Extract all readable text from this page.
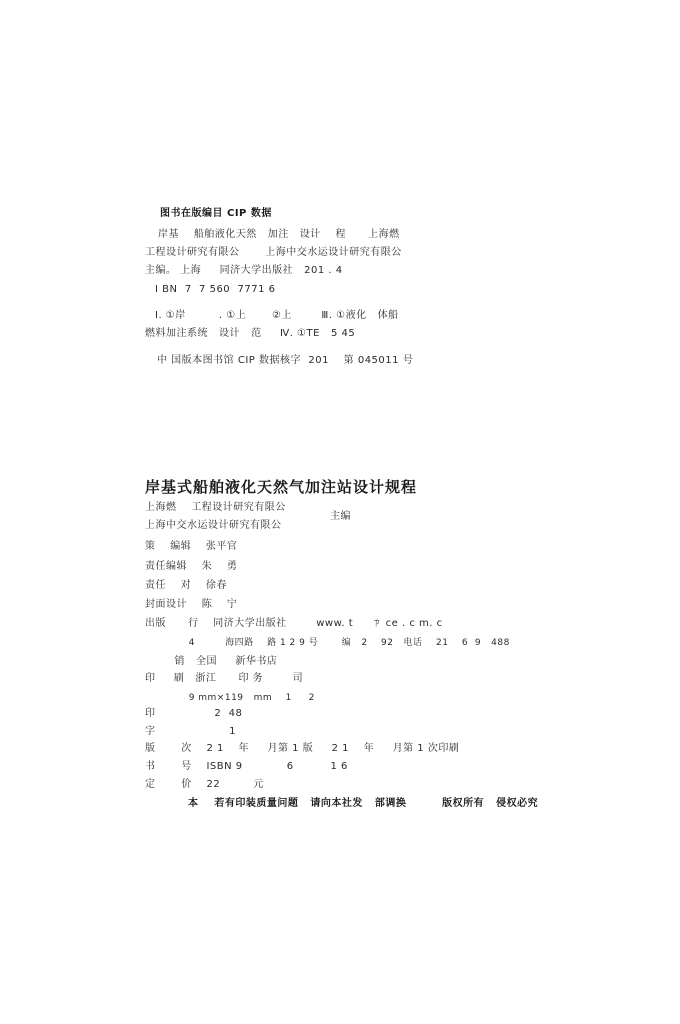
图书在版编目 CIP 数据
岸基    船舶液化天然   加注   设计    程      上海燃
工程设计研究有限公       上海中交水运设计研究有限公
主编。 上海     同济大学出版社   201 . 4
I BN  7  7 560  7771 6
Ⅰ. ①岸         . ①上       ②上        Ⅲ. ①液化   体船
燃料加注系统   设计   范     Ⅳ. ①TE   5 45
中 国版本图书馆 CIP 数据核字  201    第 045011 号
岸基式船舶液化天然气加注站设计规程
上海燃    工程设计研究有限公
上海中交水运设计研究有限公
主编
策    编辑    张平官
责任编辑    朱    勇
责任    对    徐春
封面设计    陈    宁
出版      行    同济大学出版社        www. t     ㄗ ce . c m. c
4         海四路    路 1 2 9 号       编   2    92   电话    21    6  9   488
销   全国     新华书店
印     刷   浙江      印 务        司
9 mm×119   mm    1     2
印                2  48
字                    1
版       次    2 1    年     月第 1 版     2 1    年     月第 1 次印刷
书       号    ISBN 9            6          1 6
定       价    22         元
本    若有印装质量问题   请向本社发   部调换         版权所有   侵权必究
